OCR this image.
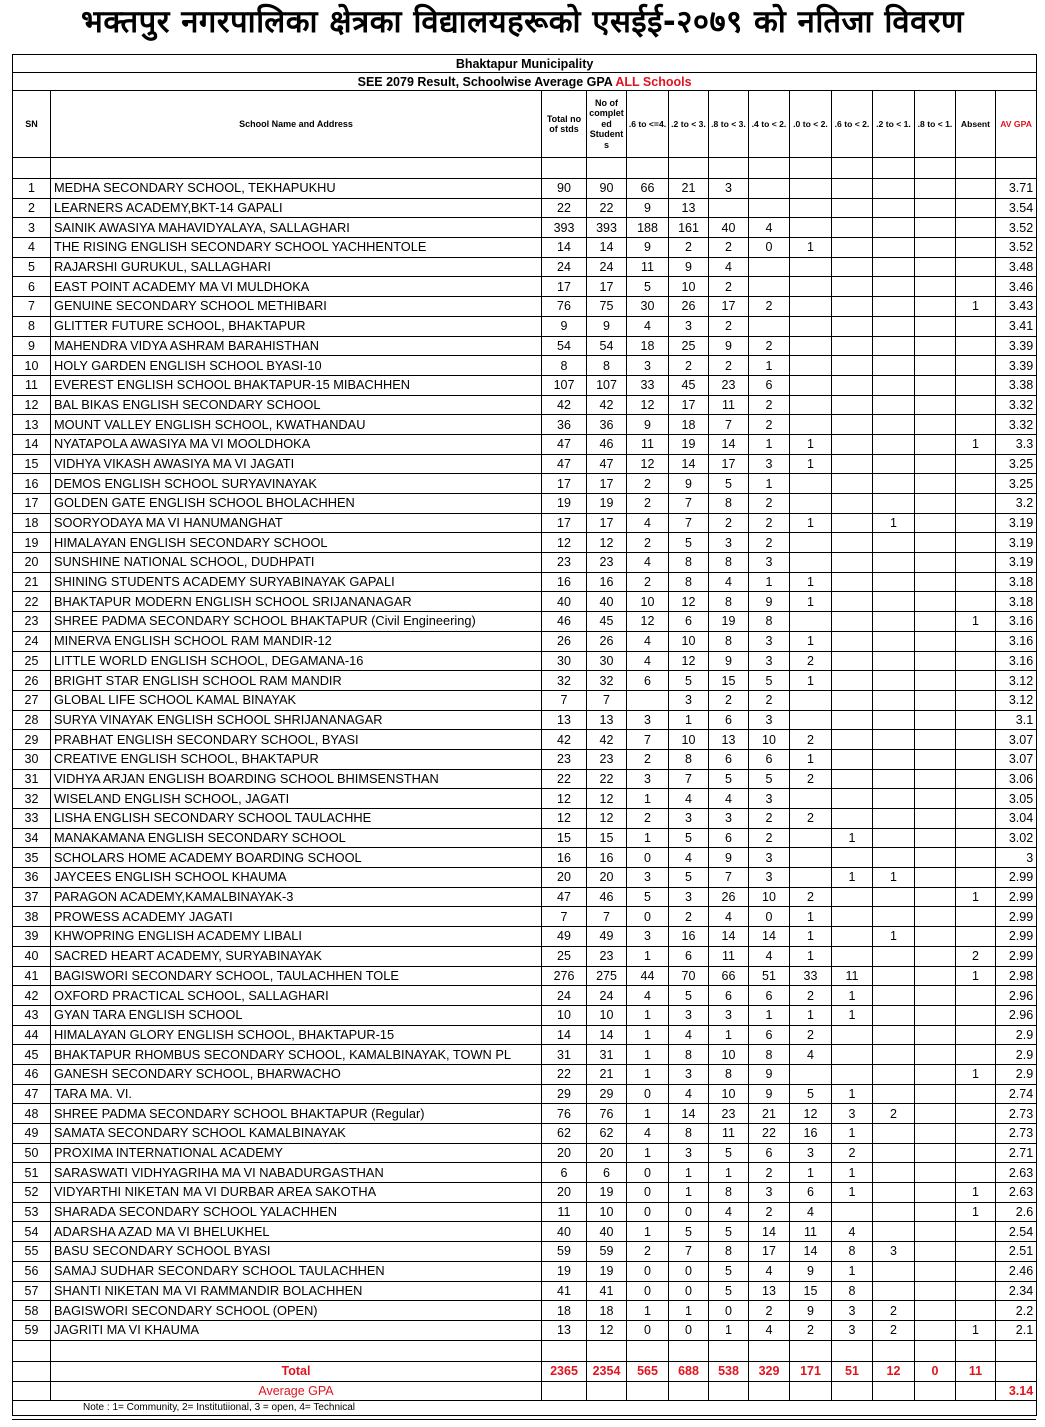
भक्तपुर नगरपालिका क्षेत्रका विद्यालयहरूको एसईई-२०७९ को नतिजा विवरण
Bhaktapur Municipality													
SEE 2079 Result, Schoolwise Average GPA ALL Schools													
SN	School Name and Address	Total no of stds	No of complet ed Student s	.6 to <=4.	.2 to < 3.	.8 to < 3.	.4 to < 2.	.0 to < 2.	.6 to < 2.	.2 to < 1.	.8 to < 1.	Absent	AV GPA

1	MEDHA SECONDARY SCHOOL, TEKHAPUKHU	90	90	66	21	3							3.71
2	LEARNERS ACADEMY,BKT-14 GAPALI	22	22	9	13								3.54
3	SAINIK AWASIYA MAHAVIDYALAYA, SALLAGHARI	393	393	188	161	40	4						3.52
4	THE RISING ENGLISH SECONDARY SCHOOL YACHHENTOLE	14	14	9	2	2	0	1					3.52
5	RAJARSHI GURUKUL, SALLAGHARI	24	24	11	9	4							3.48
6	EAST POINT ACADEMY MA VI MULDHOKA	17	17	5	10	2							3.46
7	GENUINE SECONDARY SCHOOL METHIBARI	76	75	30	26	17	2					1	3.43
8	GLITTER FUTURE SCHOOL, BHAKTAPUR	9	9	4	3	2							3.41
9	MAHENDRA VIDYA ASHRAM BARAHISTHAN	54	54	18	25	9	2						3.39
10	HOLY GARDEN ENGLISH SCHOOL BYASI-10	8	8	3	2	2	1						3.39
11	EVEREST ENGLISH SCHOOL BHAKTAPUR-15 MIBACHHEN	107	107	33	45	23	6						3.38
12	BAL BIKAS ENGLISH SECONDARY SCHOOL	42	42	12	17	11	2						3.32
13	MOUNT VALLEY ENGLISH SCHOOL, KWATHANDAU	36	36	9	18	7	2						3.32
14	NYATAPOLA AWASIYA MA VI MOOLDHOKA	47	46	11	19	14	1	1				1	3.3
15	VIDHYA VIKASH AWASIYA MA VI JAGATI	47	47	12	14	17	3	1					3.25
16	DEMOS ENGLISH SCHOOL SURYAVINAYAK	17	17	2	9	5	1						3.25
17	GOLDEN GATE ENGLISH SCHOOL BHOLACHHEN	19	19	2	7	8	2						3.2
18	SOORYODAYA MA VI HANUMANGHAT	17	17	4	7	2	2	1		1			3.19
19	HIMALAYAN ENGLISH SECONDARY SCHOOL	12	12	2	5	3	2						3.19
20	SUNSHINE NATIONAL SCHOOL, DUDHPATI	23	23	4	8	8	3						3.19
21	SHINING STUDENTS ACADEMY SURYABINAYAK GAPALI	16	16	2	8	4	1	1					3.18
22	BHAKTAPUR MODERN ENGLISH SCHOOL SRIJANANAGAR	40	40	10	12	8	9	1					3.18
23	SHREE PADMA SECONDARY SCHOOL BHAKTAPUR (Civil Engineering)	46	45	12	6	19	8					1	3.16
24	MINERVA ENGLISH SCHOOL RAM MANDIR-12	26	26	4	10	8	3	1					3.16
25	LITTLE WORLD ENGLISH SCHOOL, DEGAMANA-16	30	30	4	12	9	3	2					3.16
26	BRIGHT STAR ENGLISH SCHOOL RAM MANDIR	32	32	6	5	15	5	1					3.12
27	GLOBAL LIFE SCHOOL KAMAL BINAYAK	7	7		3	2	2						3.12
28	SURYA VINAYAK ENGLISH SCHOOL SHRIJANANAGAR	13	13	3	1	6	3						3.1
29	PRABHAT ENGLISH SECONDARY SCHOOL, BYASI	42	42	7	10	13	10	2					3.07
30	CREATIVE ENGLISH SCHOOL, BHAKTAPUR	23	23	2	8	6	6	1					3.07
31	VIDHYA ARJAN ENGLISH BOARDING SCHOOL BHIMSENSTHAN	22	22	3	7	5	5	2					3.06
32	WISELAND ENGLISH SCHOOL, JAGATI	12	12	1	4	4	3						3.05
33	LISHA ENGLISH SECONDARY SCHOOL TAULACHHE	12	12	2	3	3	2	2					3.04
34	MANAKAMANA ENGLISH SECONDARY SCHOOL	15	15	1	5	6	2		1				3.02
35	SCHOLARS HOME ACADEMY BOARDING SCHOOL	16	16	0	4	9	3						3
36	JAYCEES ENGLISH SCHOOL KHAUMA	20	20	3	5	7	3		1	1			2.99
37	PARAGON ACADEMY,KAMALBINAYAK-3	47	46	5	3	26	10	2				1	2.99
38	PROWESS ACADEMY JAGATI	7	7	0	2	4	0	1					2.99
39	KHWOPRING ENGLISH ACADEMY LIBALI	49	49	3	16	14	14	1		1			2.99
40	SACRED HEART ACADEMY, SURYABINAYAK	25	23	1	6	11	4	1				2	2.99
41	BAGISWORI SECONDARY SCHOOL, TAULACHHEN TOLE	276	275	44	70	66	51	33	11			1	2.98
42	OXFORD PRACTICAL SCHOOL, SALLAGHARI	24	24	4	5	6	6	2	1				2.96
43	GYAN TARA ENGLISH SCHOOL	10	10	1	3	3	1	1	1				2.96
44	HIMALAYAN GLORY ENGLISH SCHOOL, BHAKTAPUR-15	14	14	1	4	1	6	2					2.9
45	BHAKTAPUR RHOMBUS SECONDARY SCHOOL, KAMALBINAYAK, TOWN PL	31	31	1	8	10	8	4					2.9
46	GANESH SECONDARY SCHOOL, BHARWACHO	22	21	1	3	8	9					1	2.9
47	TARA MA. VI.	29	29	0	4	10	9	5	1				2.74
48	SHREE PADMA SECONDARY SCHOOL BHAKTAPUR (Regular)	76	76	1	14	23	21	12	3	2			2.73
49	SAMATA SECONDARY SCHOOL KAMALBINAYAK	62	62	4	8	11	22	16	1				2.73
50	PROXIMA INTERNATIONAL ACADEMY	20	20	1	3	5	6	3	2				2.71
51	SARASWATI VIDHYAGRIHA MA VI NABADURGASTHAN	6	6	0	1	1	2	1	1				2.63
52	VIDYARTHI NIKETAN MA VI DURBAR AREA SAKOTHA	20	19	0	1	8	3	6	1			1	2.63
53	SHARADA SECONDARY SCHOOL YALACHHEN	11	10	0	0	4	2	4				1	2.6
54	ADARSHA AZAD MA VI BHELUKHEL	40	40	1	5	5	14	11	4				2.54
55	BASU SECONDARY SCHOOL BYASI	59	59	2	7	8	17	14	8	3			2.51
56	SAMAJ SUDHAR SECONDARY SCHOOL TAULACHHEN	19	19	0	0	5	4	9	1				2.46
57	SHANTI NIKETAN MA VI RAMMANDIR BOLACHHEN	41	41	0	0	5	13	15	8				2.34
58	BAGISWORI SECONDARY SCHOOL (OPEN)	18	18	1	1	0	2	9	3	2			2.2
59	JAGRITI MA VI KHAUMA	13	12	0	0	1	4	2	3	2		1	2.1

	Total	2365	2354	565	688	538	329	171	51	12	0	11	
	Average GPA												3.14
Note : 1= Community, 2= Institutiional, 3 = open, 4= Technical													
